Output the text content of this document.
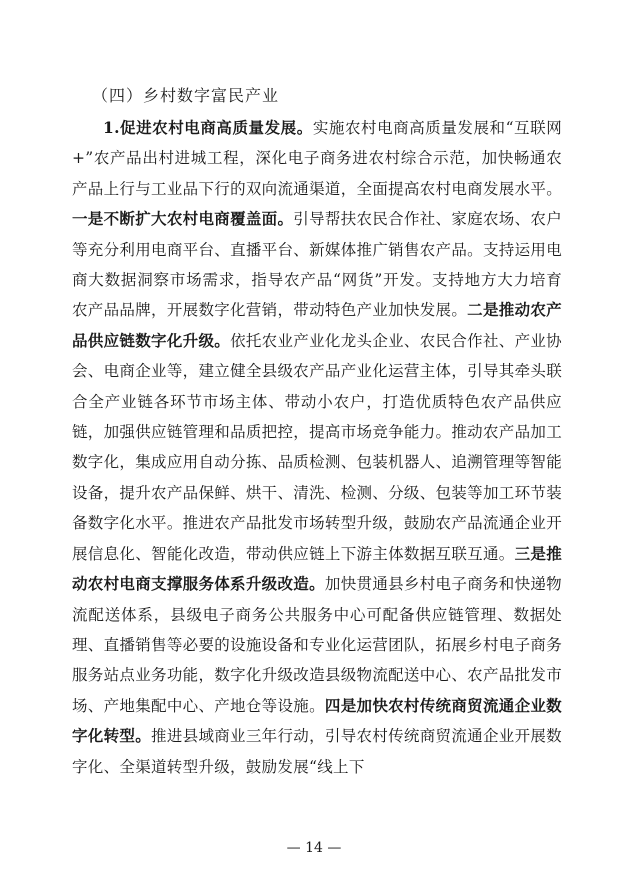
（四）乡村数字富民产业

1.促进农村电商高质量发展。实施农村电商高质量发展和“互联网+”农产品出村进城工程，深化电子商务进农村综合示范，加快畅通农产品上行与工业品下行的双向流通渠道，全面提高农村电商发展水平。一是不断扩大农村电商覆盖面。引导帮扶农民合作社、家庭农场、农户等充分利用电商平台、直播平台、新媒体推广销售农产品。支持运用电商大数据洞察市场需求，指导农产品“网货”开发。支持地方大力培育农产品品牌，开展数字化营销，带动特色产业加快发展。二是推动农产品供应链数字化升级。依托农业产业化龙头企业、农民合作社、产业协会、电商企业等，建立健全县级农产品产业化运营主体，引导其牵头联合全产业链各环节市场主体、带动小农户，打造优质特色农产品供应链，加强供应链管理和品质把控，提高市场竞争能力。推动农产品加工数字化，集成应用自动分拣、品质检测、包装机器人、追溯管理等智能设备，提升农产品保鲜、烘干、清洗、检测、分级、包装等加工环节装备数字化水平。推进农产品批发市场转型升级，鼓励农产品流通企业开展信息化、智能化改造，带动供应链上下游主体数据互联互通。三是推动农村电商支撑服务体系升级改造。加快贯通县乡村电子商务和快递物流配送体系，县级电子商务公共服务中心可配备供应链管理、数据处理、直播销售等必要的设施设备和专业化运营团队，拓展乡村电子商务服务站点业务功能，数字化升级改造县级物流配送中心、农产品批发市场、产地集配中心、产地仓等设施。四是加快农村传统商贸流通企业数字化转型。推进县域商业三年行动，引导农村传统商贸流通企业开展数字化、全渠道转型升级，鼓励发展“线上下

— 14 —
